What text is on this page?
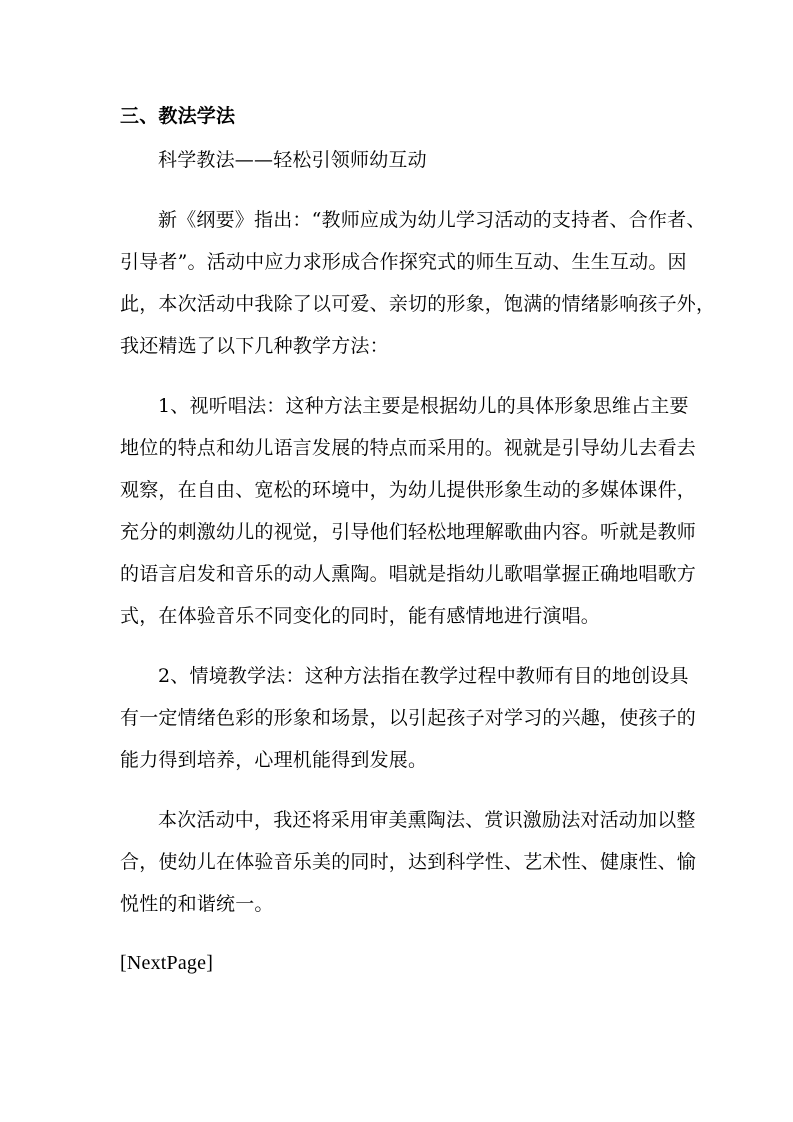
三、教法学法
科学教法——轻松引领师幼互动
新《纲要》指出：“教师应成为幼儿学习活动的支持者、合作者、
引导者”。活动中应力求形成合作探究式的师生互动、生生互动。因
此，本次活动中我除了以可爱、亲切的形象，饱满的情绪影响孩子外，
我还精选了以下几种教学方法：
1、视听唱法：这种方法主要是根据幼儿的具体形象思维占主要
地位的特点和幼儿语言发展的特点而采用的。视就是引导幼儿去看去
观察，在自由、宽松的环境中，为幼儿提供形象生动的多媒体课件，
充分的刺激幼儿的视觉，引导他们轻松地理解歌曲内容。听就是教师
的语言启发和音乐的动人熏陶。唱就是指幼儿歌唱掌握正确地唱歌方
式，在体验音乐不同变化的同时，能有感情地进行演唱。
2、情境教学法：这种方法指在教学过程中教师有目的地创设具
有一定情绪色彩的形象和场景，以引起孩子对学习的兴趣，使孩子的
能力得到培养，心理机能得到发展。
本次活动中，我还将采用审美熏陶法、赏识激励法对活动加以整
合，使幼儿在体验音乐美的同时，达到科学性、艺术性、健康性、愉
悦性的和谐统一。
[NextPage]
